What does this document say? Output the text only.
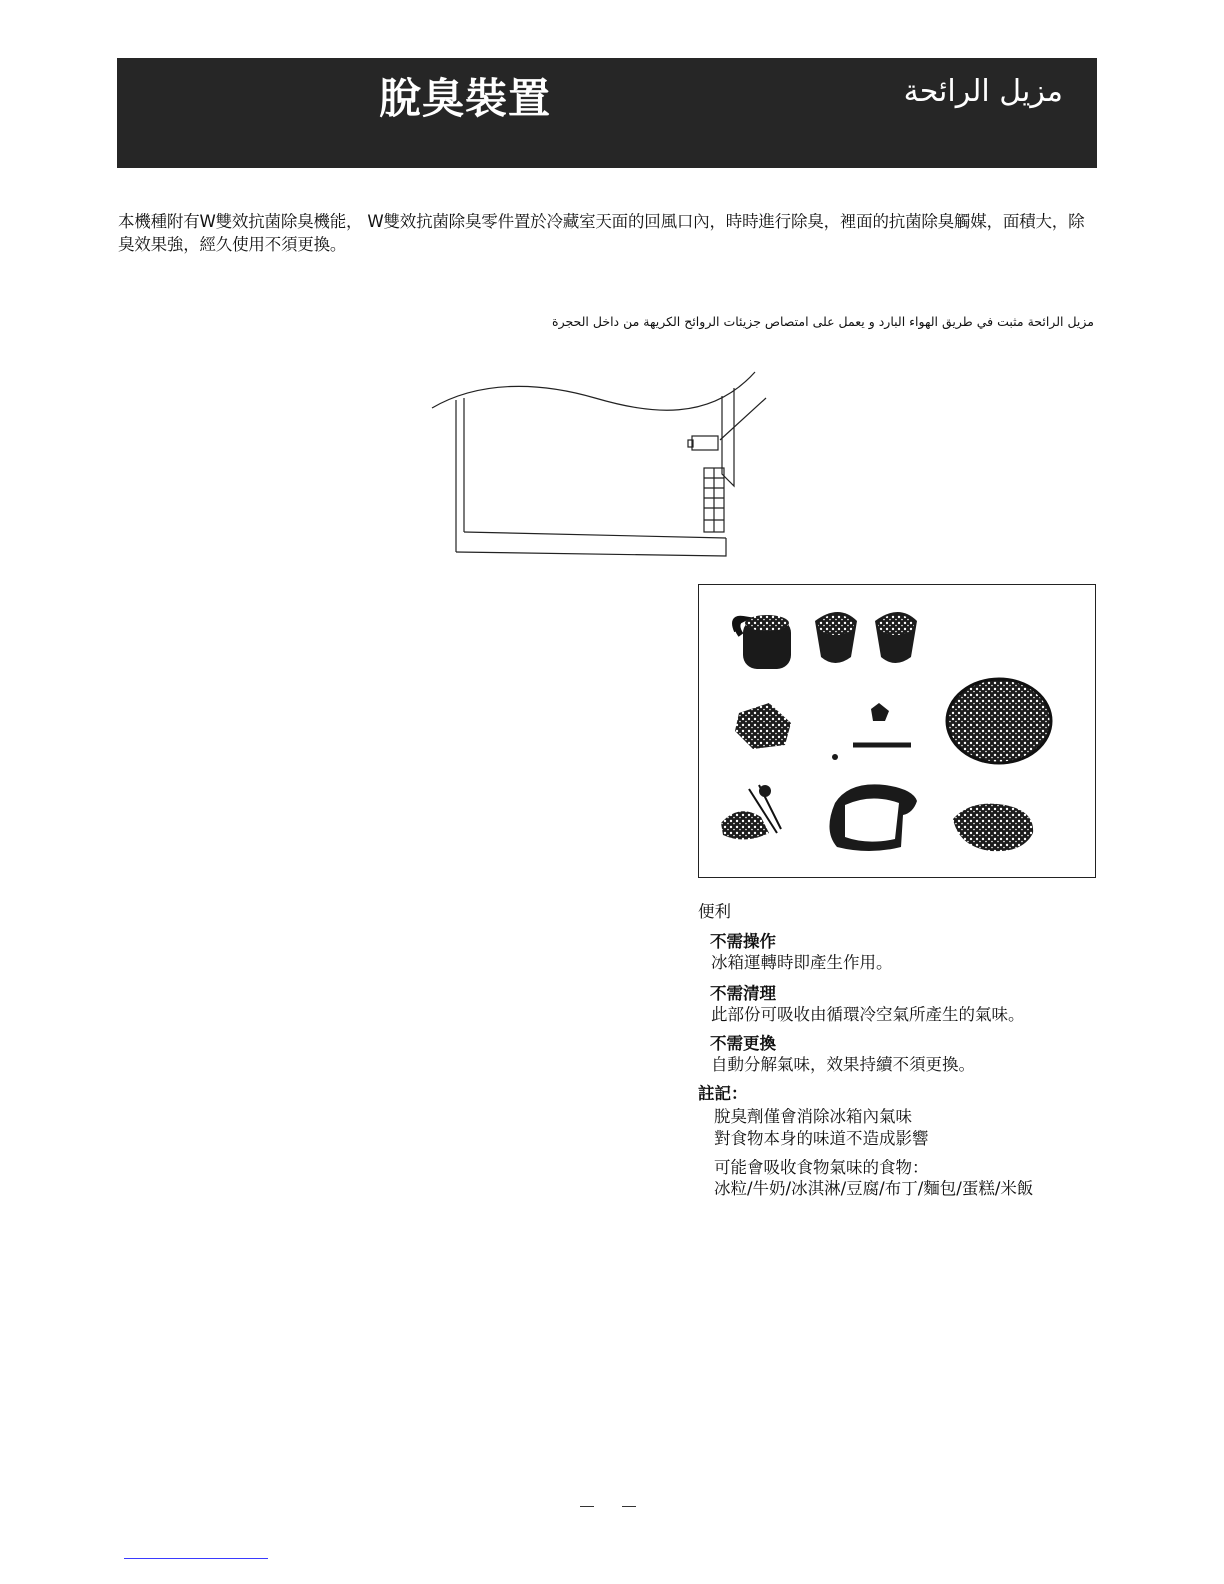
脫臭裝置	مزيل الرائحة
本機種附有W雙效抗菌除臭機能， W雙效抗菌除臭零件置於冷藏室天面的回風口內，時時進行除臭，裡面的抗菌除臭觸媒，面積大，除臭效果強，經久使用不須更換。
مزيل الرائحة مثبت في طريق الهواء البارد و يعمل على امتصاص جزيئات الروائح الكريهة من داخل الحجرة
便利
不需操作
冰箱運轉時即產生作用。
不需清理
此部份可吸收由循環冷空氣所產生的氣味。
不需更換
自動分解氣味，效果持續不須更換。
註記：
脫臭劑僅會消除冰箱內氣味
對食物本身的味道不造成影響
可能會吸收食物氣味的食物：
冰粒/牛奶/冰淇淋/豆腐/布丁/麵包/蛋糕/米飯
